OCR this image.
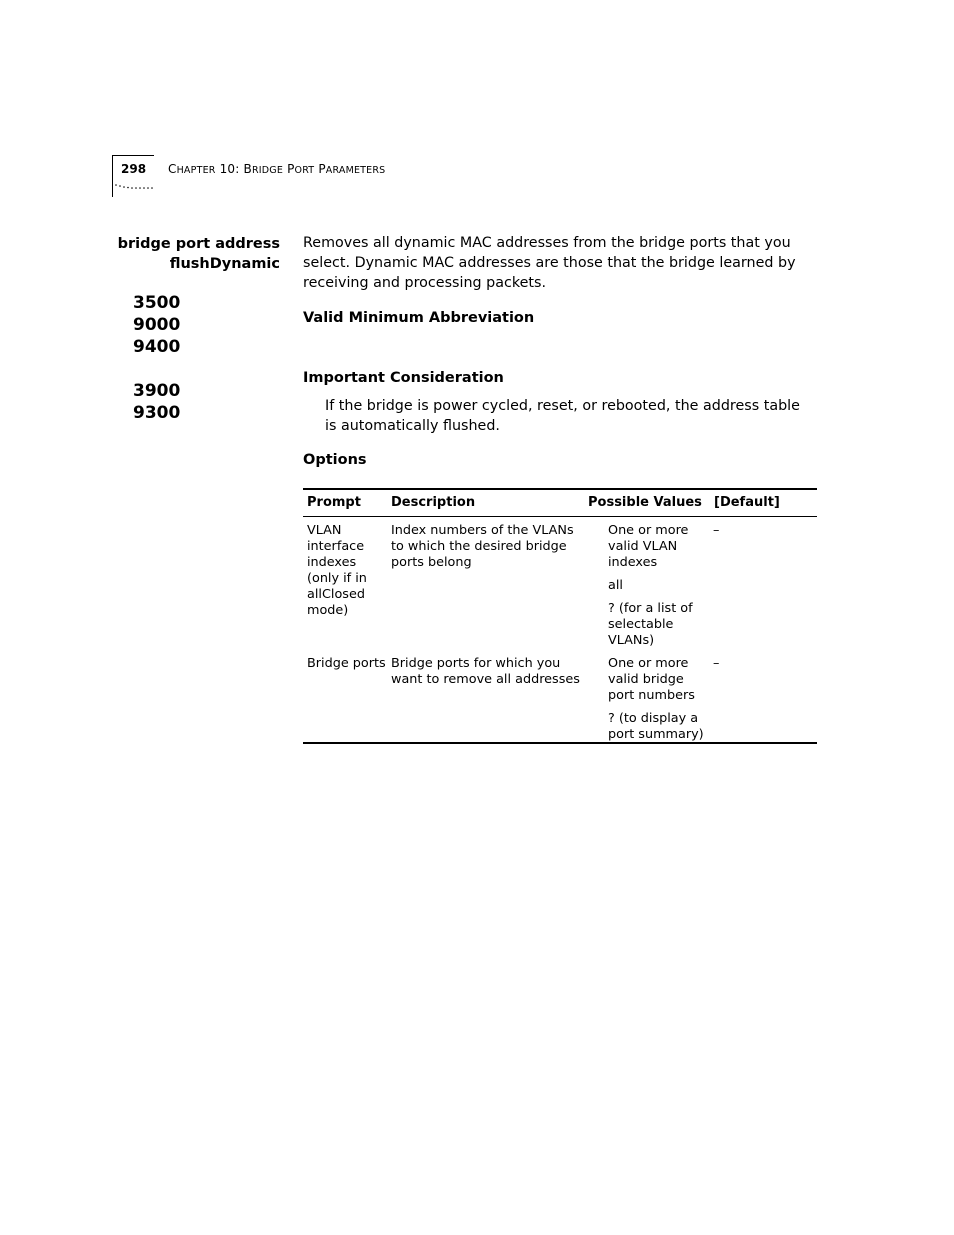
298 CHAPTER 10: BRIDGE PORT PARAMETERS
bridge port address
flushDynamic
3500
9000
9400
3900
9300

Removes all dynamic MAC addresses from the bridge ports that you select. Dynamic MAC addresses are those that the bridge learned by receiving and processing packets.

Valid Minimum Abbreviation

Important Consideration

If the bridge is power cycled, reset, or rebooted, the address table is automatically flushed.

Options

Prompt Description	Possible Values [Default]
VLAN interface indexes (only if in allClosed mode)
Index numbers of the VLANs to which the desired bridge ports belong

One or more valid VLAN indexes

all

? (for a list of selectable VLANs)

–
Bridge ports Bridge ports for which you want to remove all addresses

One or more valid bridge port numbers

? (to display a port summary)

–
